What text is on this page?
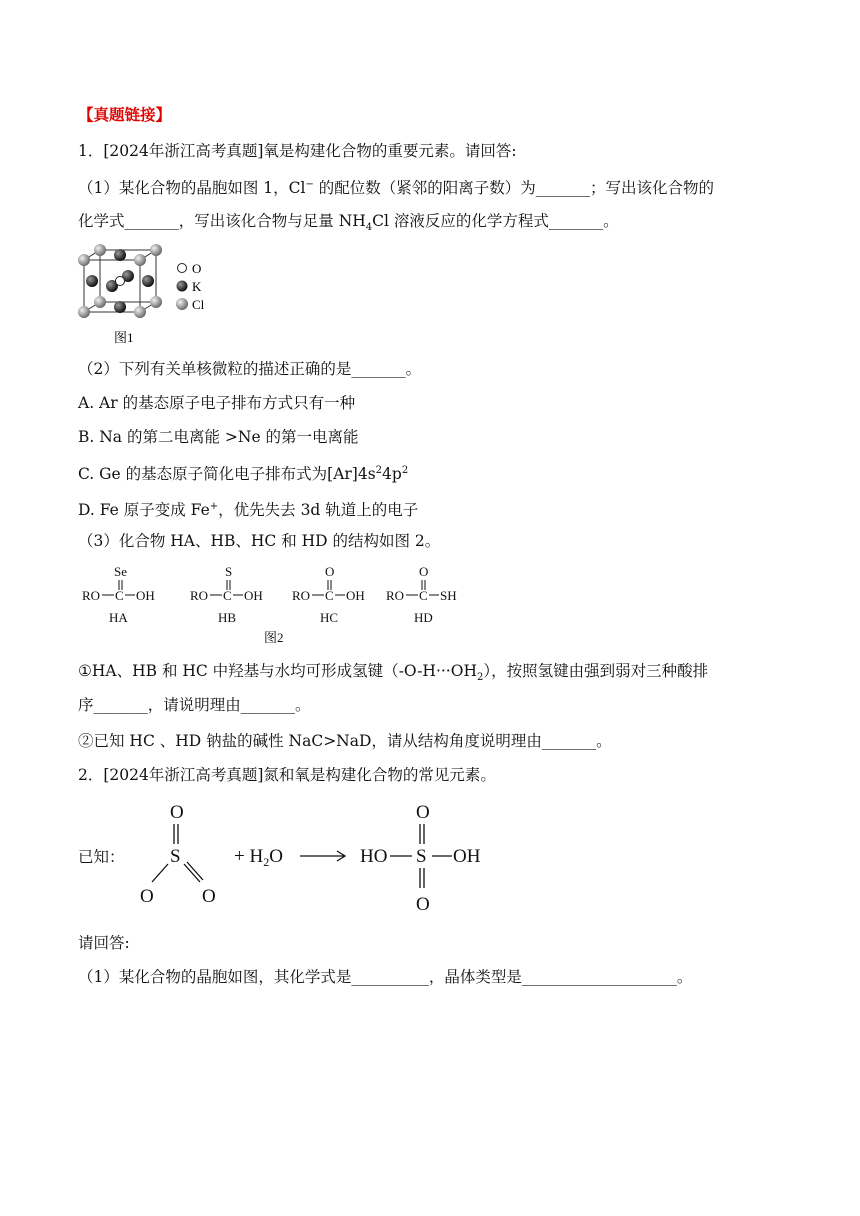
【真题链接】
1．[2024年浙江高考真题]氧是构建化合物的重要元素。请回答:
（1）某化合物的晶胞如图 1，Cl− 的配位数（紧邻的阳离子数）为_______；写出该化合物的
化学式_______，写出该化合物与足量 $NH_4Cl$ 溶液反应的化学方程式_______。
O
K
Cl
图1
（2）下列有关单核微粒的描述正确的是_______。
A. Ar 的基态原子电子排布方式只有一种
B. Na 的第二电离能 >Ne 的第一电离能
C. Ge 的基态原子简化电子排布式为$[Ar]4s^24p^2$
D. Fe 原子变成 Fe+，优先失去 3d 轨道上的电子
（3）化合物 HA、HB、HC 和 HD 的结构如图 2。
Se
RO C OH
HA
S
RO C OH
HB
O
RO C OH
HC
O
RO C SH
HD
图2
①HA、HB 和 HC 中羟基与水均可形成氢键$(-O-H\cdot\cdot\cdot OH_2)$，按照氢键由强到弱对三种酸排
序_______，请说明理由_______。
②已知 HC 、HD 钠盐的碱性 NaC>NaD，请从结构角度说明理由_______。
2．[2024年浙江高考真题]氮和氧是构建化合物的常见元素。
已知：
O
S
O	O
+ $H_2O$
O
HO S OH
O
请回答:
（1）某化合物的晶胞如图，其化学式是__________，晶体类型是____________________。
